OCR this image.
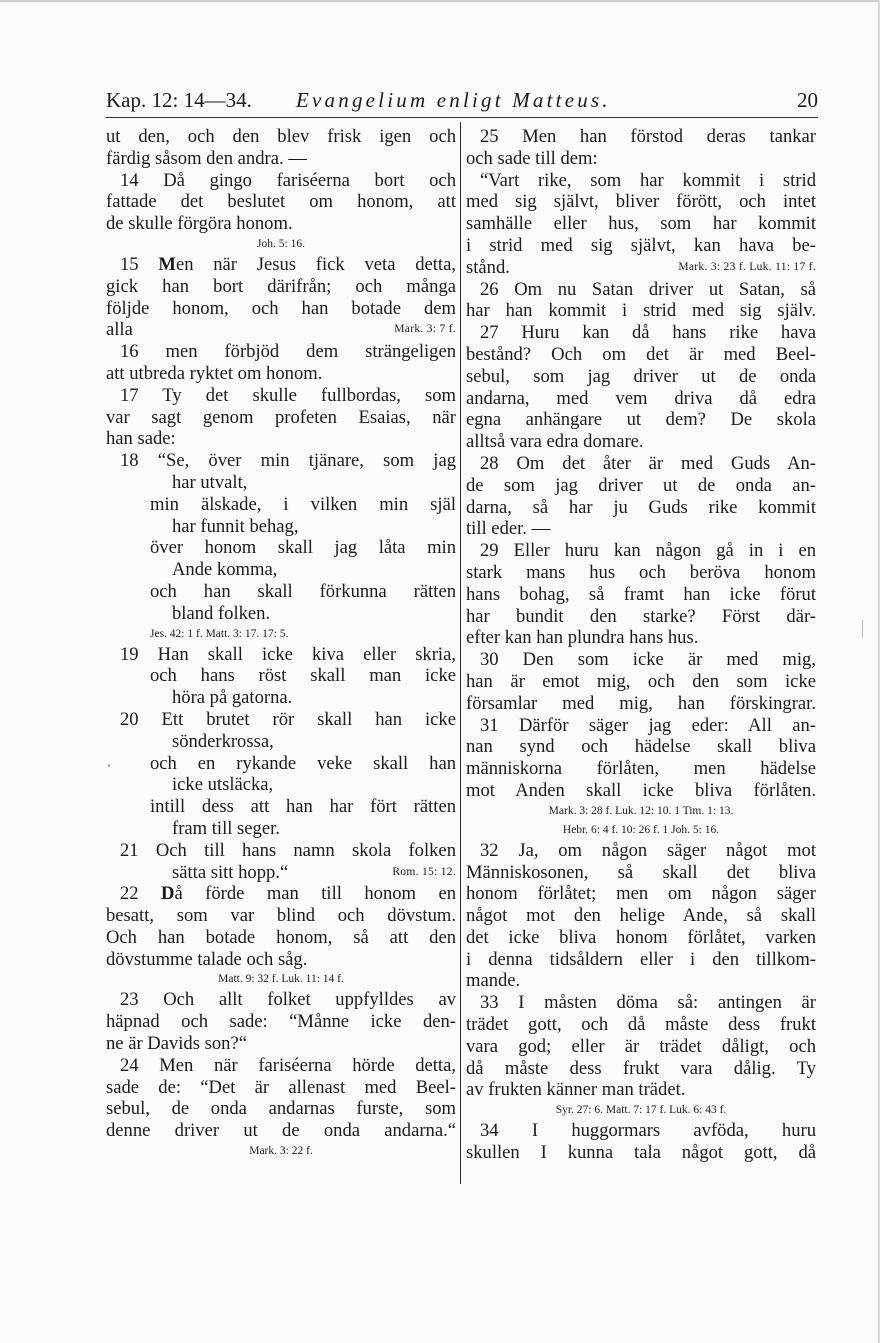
Kap. 12: 14—34. Evangelium enligt Matteus.	20
ut den, och den blev frisk igen och
färdig såsom den andra. —
14 Då gingo fariséerna bort och
fattade det beslutet om honom, att
de skulle förgöra honom.
Joh. 5: 16.
15 Men när Jesus fick veta detta,
gick han bort därifrån; och många
följde honom, och han botade dem
alla	Mark. 3: 7 f.
16 men förbjöd dem strängeligen
att utbreda ryktet om honom.
17 Ty det skulle fullbordas, som
var sagt genom profeten Esaias, när
han sade:
18 “Se, över min tjänare, som jag
har utvalt,
min älskade, i vilken min själ
har funnit behag,
över honom skall jag låta min
Ande komma,
och han skall förkunna rätten
bland folken.
Jes. 42: 1 f. Matt. 3: 17. 17: 5.
19 Han skall icke kiva eller skria,
och hans röst skall man icke
höra på gatorna.
20 Ett brutet rör skall han icke
sönderkrossa,
och en rykande veke skall han
icke utsläcka,
intill dess att han har fört rätten
fram till seger.
21 Och till hans namn skola folken
sätta sitt hopp.“	Rom. 15: 12.
22 Då förde man till honom en
besatt, som var blind och dövstum.
Och han botade honom, så att den
dövstumme talade och såg.
Matt. 9: 32 f. Luk. 11: 14 f.
23 Och allt folket uppfylldes av
häpnad och sade: “Månne icke den-
ne är Davids son?“
24 Men när fariséerna hörde detta,
sade de: “Det är allenast med Beel-
sebul, de onda andarnas furste, som
denne driver ut de onda andarna.“
Mark. 3: 22 f.
25 Men han förstod deras tankar
och sade till dem:
“Vart rike, som har kommit i strid
med sig självt, bliver förött, och intet
samhälle eller hus, som har kommit
i strid med sig självt, kan hava be-
stånd.	Mark. 3: 23 f. Luk. 11: 17 f.
26 Om nu Satan driver ut Satan, så
har han kommit i strid med sig själv.
27 Huru kan då hans rike hava
bestånd? Och om det är med Beel-
sebul, som jag driver ut de onda
andarna, med vem driva då edra
egna anhängare ut dem? De skola
alltså vara edra domare.
28 Om det åter är med Guds An-
de som jag driver ut de onda an-
darna, så har ju Guds rike kommit
till eder. —
29 Eller huru kan någon gå in i en
stark mans hus och beröva honom
hans bohag, så framt han icke förut
har bundit den starke? Först där-
efter kan han plundra hans hus.
30 Den som icke är med mig,
han är emot mig, och den som icke
församlar med mig, han förskingrar.
31 Därför säger jag eder: All an-
nan synd och hädelse skall bliva
människorna förlåten, men hädelse
mot Anden skall icke bliva förlåten.
Mark. 3: 28 f. Luk. 12: 10. 1 Tim. 1: 13.
Hebr. 6: 4 f. 10: 26 f. 1 Joh. 5: 16.
32 Ja, om någon säger något mot
Människosonen, så skall det bliva
honom förlåtet; men om någon säger
något mot den helige Ande, så skall
det icke bliva honom förlåtet, varken
i denna tidsåldern eller i den tillkom-
mande.
33 I måsten döma så: antingen är
trädet gott, och då måste dess frukt
vara god; eller är trädet dåligt, och
då måste dess frukt vara dålig. Ty
av frukten känner man trädet.
Syr. 27: 6. Matt. 7: 17 f. Luk. 6: 43 f.
34 I huggormars avföda, huru
skullen I kunna tala något gott, då
